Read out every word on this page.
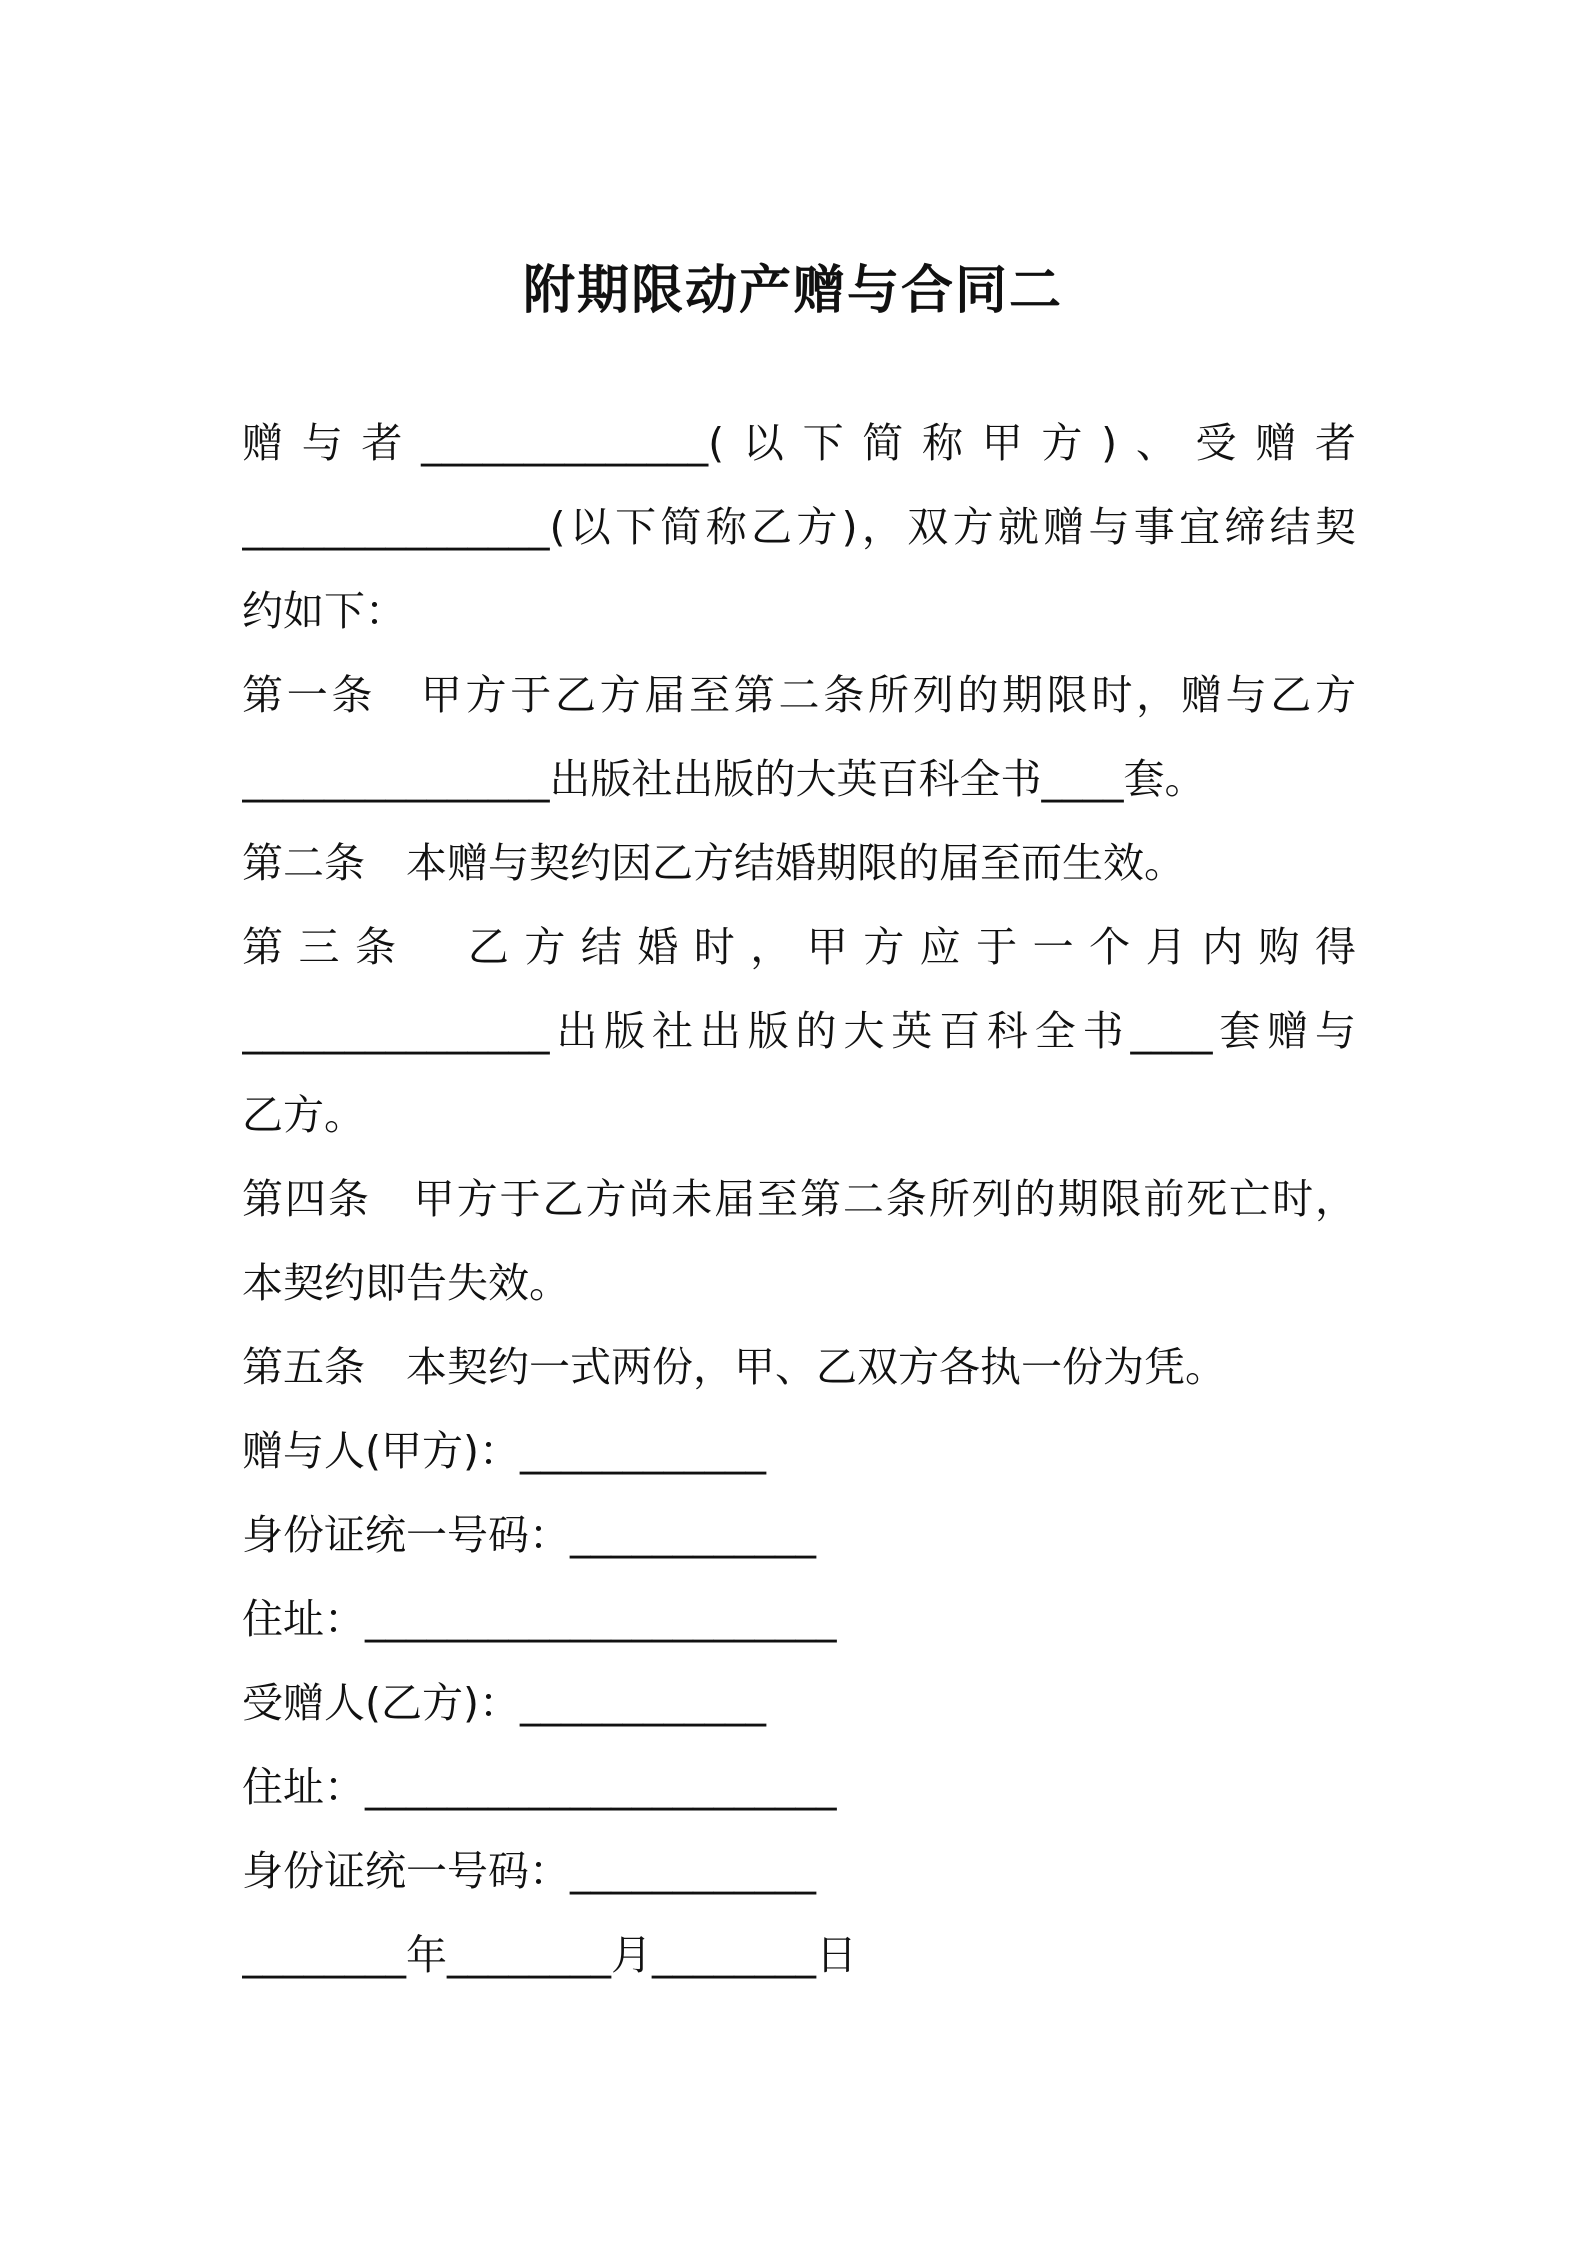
附期限动产赠与合同二
赠与者______________(以下简称甲方)、受赠者
_______________(以下简称乙方)，双方就赠与事宜缔结契
约如下：
第一条　甲方于乙方届至第二条所列的期限时，赠与乙方
_______________出版社出版的大英百科全书____套。
第二条　本赠与契约因乙方结婚期限的届至而生效。
第三条　乙方结婚时，甲方应于一个月内购得
_______________出版社出版的大英百科全书____套赠与
乙方。
第四条　甲方于乙方尚未届至第二条所列的期限前死亡时，
本契约即告失效。
第五条　本契约一式两份，甲、乙双方各执一份为凭。
赠与人(甲方)：____________
身份证统一号码：____________
住址：_______________________
受赠人(乙方)：____________
住址：_______________________
身份证统一号码：____________
________年________月________日
